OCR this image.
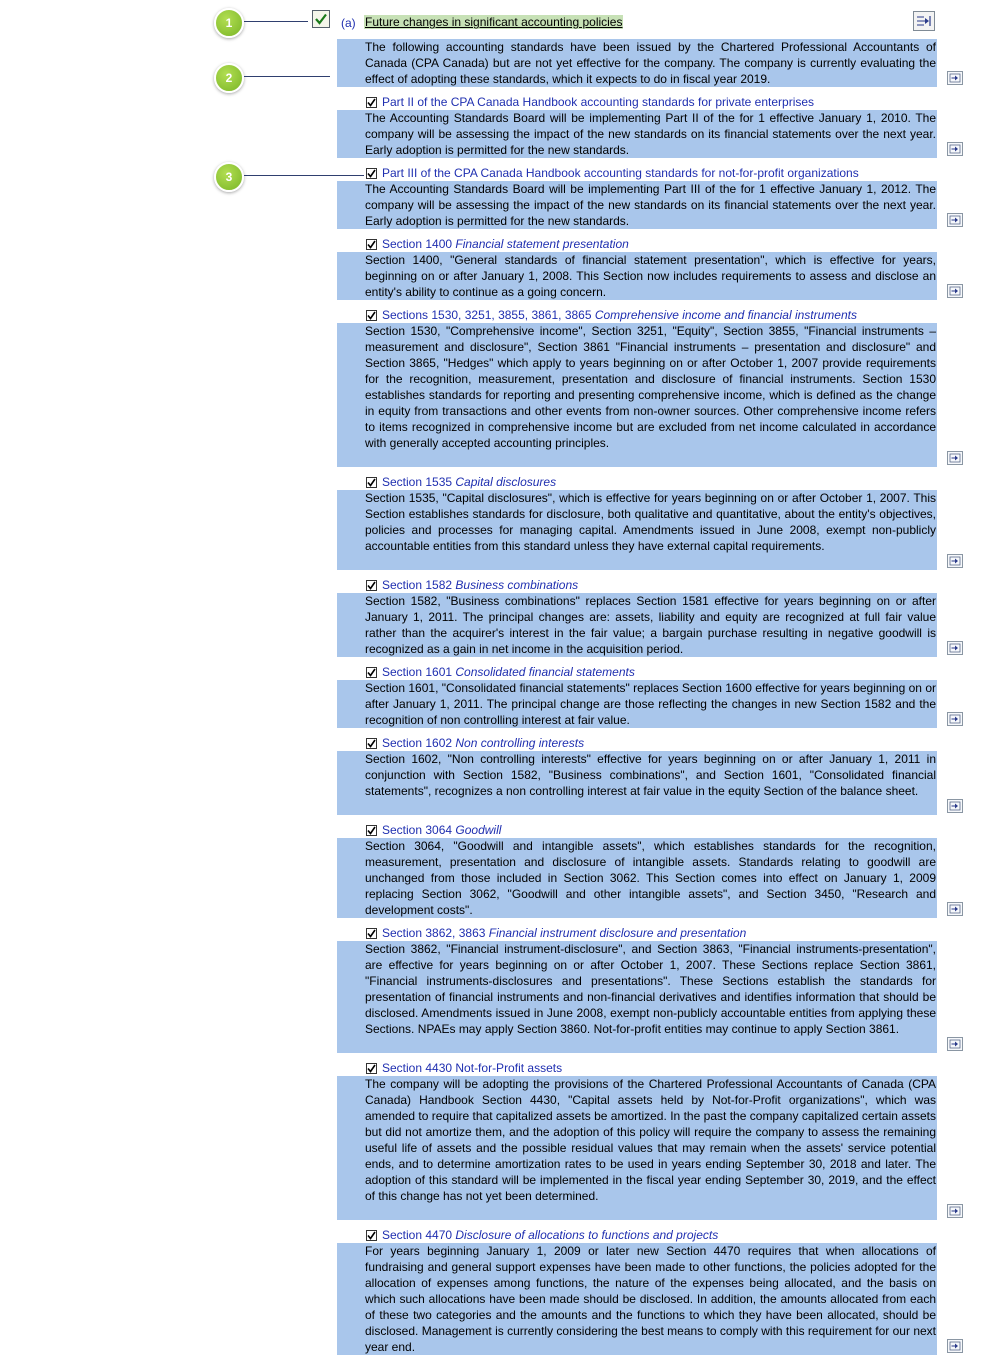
1
2
3
(a) Future changes in significant accounting policies
The following accounting standards have been issued by the Chartered Professional Accountants of Canada (CPA Canada) but are not yet effective for the company. The company is currently evaluating the effect of adopting these standards, which it expects to do in fiscal year 2019.
Part II of the CPA Canada Handbook accounting standards for private enterprises
The Accounting Standards Board will be implementing Part II of the for 1 effective January 1, 2010. The company will be assessing the impact of the new standards on its financial statements over the next year. Early adoption is permitted for the new standards.
Part III of the CPA Canada Handbook accounting standards for not-for-profit organizations
The Accounting Standards Board will be implementing Part III of the for 1 effective January 1, 2012. The company will be assessing the impact of the new standards on its financial statements over the next year. Early adoption is permitted for the new standards.
Section 1400 Financial statement presentation
Section 1400, "General standards of financial statement presentation", which is effective for years, beginning on or after January 1, 2008. This Section now includes requirements to assess and disclose an entity's ability to continue as a going concern.
Sections 1530, 3251, 3855, 3861, 3865 Comprehensive income and financial instruments
Section 1530, "Comprehensive income", Section 3251, "Equity", Section 3855, "Financial instruments – measurement and disclosure", Section 3861 "Financial instruments – presentation and disclosure" and Section 3865, "Hedges" which apply to years beginning on or after October 1, 2007 provide requirements for the recognition, measurement, presentation and disclosure of financial instruments. Section 1530 establishes standards for reporting and presenting comprehensive income, which is defined as the change in equity from transactions and other events from non-owner sources. Other comprehensive income refers to items recognized in comprehensive income but are excluded from net income calculated in accordance with generally accepted accounting principles.
Section 1535 Capital disclosures
Section 1535, "Capital disclosures", which is effective for years beginning on or after October 1, 2007. This Section establishes standards for disclosure, both qualitative and quantitative, about the entity's objectives, policies and processes for managing capital. Amendments issued in June 2008, exempt non-publicly accountable entities from this standard unless they have external capital requirements.
Section 1582 Business combinations
Section 1582, "Business combinations" replaces Section 1581 effective for years beginning on or after January 1, 2011. The principal changes are: assets, liability and equity are recognized at full fair value rather than the acquirer's interest in the fair value; a bargain purchase resulting in negative goodwill is recognized as a gain in net income in the acquisition period.
Section 1601 Consolidated financial statements
Section 1601, "Consolidated financial statements" replaces Section 1600 effective for years beginning on or after January 1, 2011. The principal change are those reflecting the changes in new Section 1582 and the recognition of non controlling interest at fair value.
Section 1602 Non controlling interests
Section 1602, "Non controlling interests" effective for years beginning on or after January 1, 2011 in conjunction with Section 1582, "Business combinations", and Section 1601, "Consolidated financial statements", recognizes a non controlling interest at fair value in the equity Section of the balance sheet.
Section 3064 Goodwill
Section 3064, "Goodwill and intangible assets", which establishes standards for the recognition, measurement, presentation and disclosure of intangible assets. Standards relating to goodwill are unchanged from those included in Section 3062. This Section comes into effect on January 1, 2009 replacing Section 3062, "Goodwill and other intangible assets", and Section 3450, "Research and development costs".
Section 3862, 3863 Financial instrument disclosure and presentation
Section 3862, "Financial instrument-disclosure", and Section 3863, "Financial instruments-presentation", are effective for years beginning on or after October 1, 2007. These Sections replace Section 3861, "Financial instruments-disclosures and presentations". These Sections establish the standards for presentation of financial instruments and non-financial derivatives and identifies information that should be disclosed. Amendments issued in June 2008, exempt non-publicly accountable entities from applying these Sections. NPAEs may apply Section 3860. Not-for-profit entities may continue to apply Section 3861.
Section 4430 Not-for-Profit assets
The company will be adopting the provisions of the Chartered Professional Accountants of Canada (CPA Canada) Handbook Section 4430, "Capital assets held by Not-for-Profit organizations", which was amended to require that capitalized assets be amortized. In the past the company capitalized certain assets but did not amortize them, and the adoption of this policy will require the company to assess the remaining useful life of assets and the possible residual values that may remain when the assets' service potential ends, and to determine amortization rates to be used in years ending September 30, 2018 and later. The adoption of this standard will be implemented in the fiscal year ending September 30, 2019, and the effect of this change has not yet been determined.
Section 4470 Disclosure of allocations to functions and projects
For years beginning January 1, 2009 or later new Section 4470 requires that when allocations of fundraising and general support expenses have been made to other functions, the policies adopted for the allocation of expenses among functions, the nature of the expenses being allocated, and the basis on which such allocations have been made should be disclosed. In addition, the amounts allocated from each of these two categories and the amounts and the functions to which they have been allocated, should be disclosed. Management is currently considering the best means to comply with this requirement for our next year end.
